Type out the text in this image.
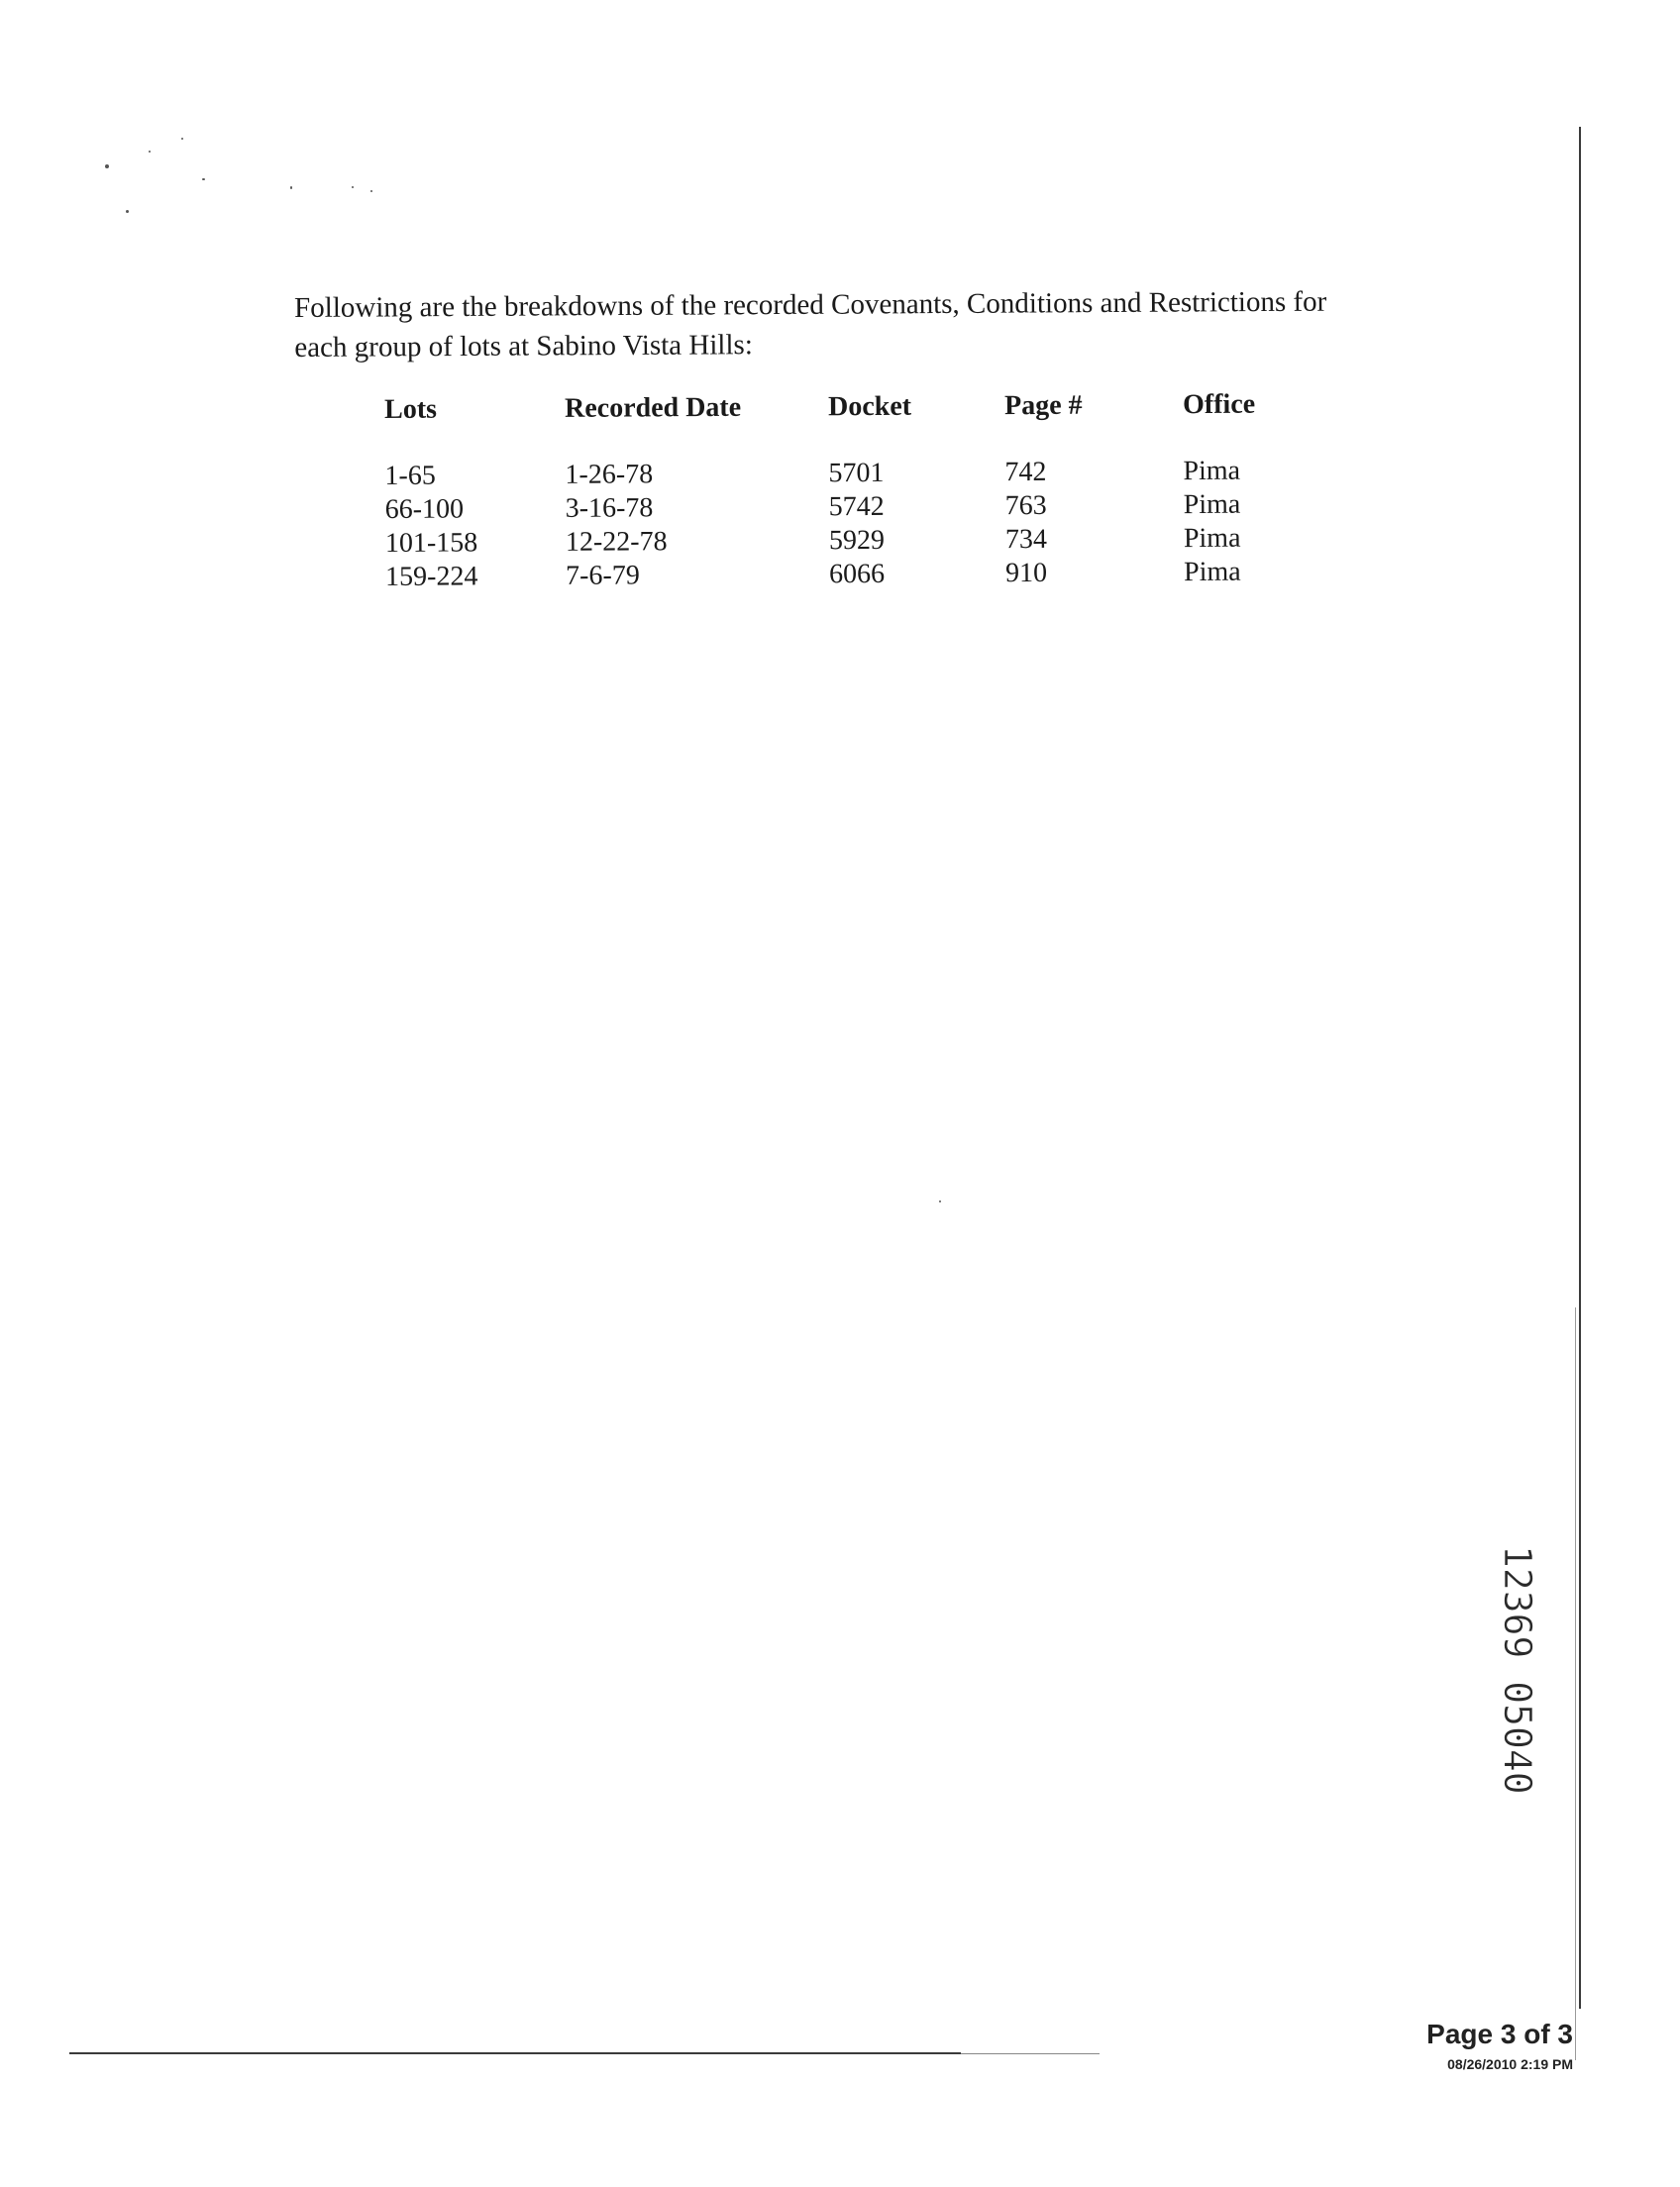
Following are the breakdowns of the recorded Covenants, Conditions and Restrictions for

each group of lots at Sabino Vista Hills:

Lots	Recorded Date	Docket	Page #	Office
1-65	1-26-78	5701	742	Pima
66-100	3-16-78	5742	763	Pima
101-158	12-22-78	5929	734	Pima
159-224	7-6-79	6066	910	Pima
12369 05040
Page 3 of 3
08/26/2010 2:19 PM
